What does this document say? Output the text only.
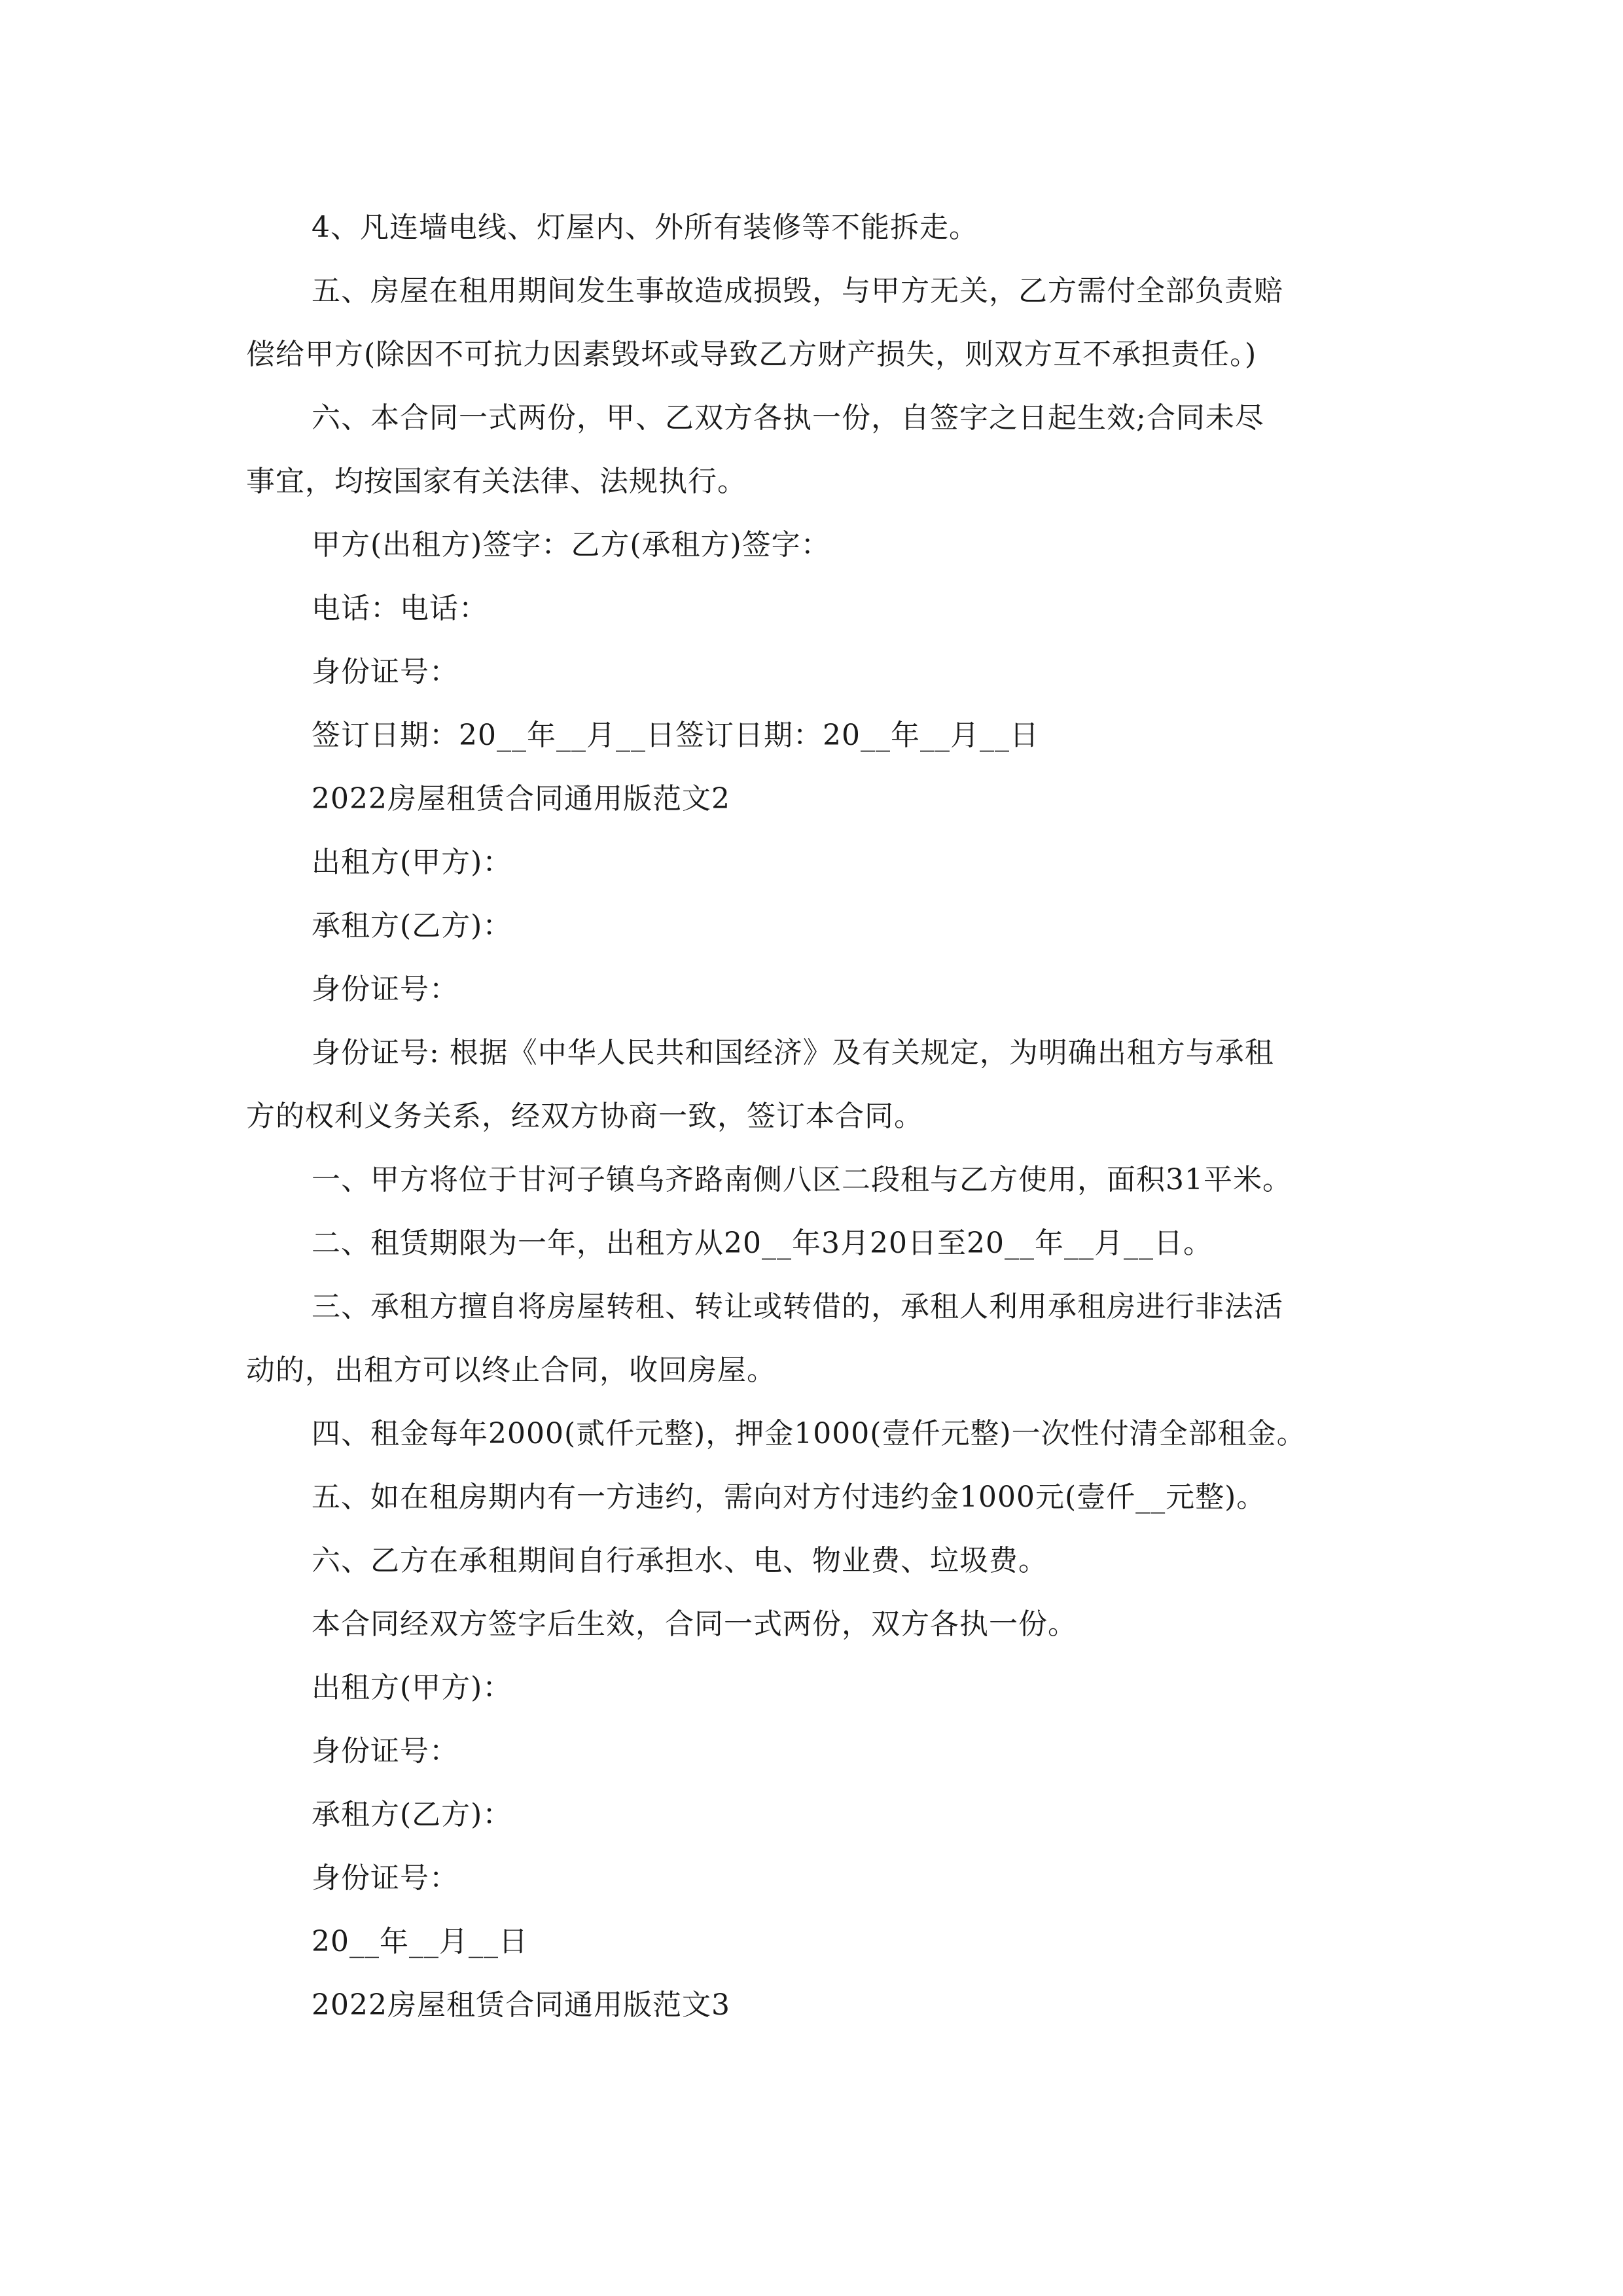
4、凡连墙电线、灯屋内、外所有装修等不能拆走。
五、房屋在租用期间发生事故造成损毁，与甲方无关，乙方需付全部负责赔
偿给甲方(除因不可抗力因素毁坏或导致乙方财产损失，则双方互不承担责任。)
六、本合同一式两份，甲、乙双方各执一份，自签字之日起生效;合同未尽
事宜，均按国家有关法律、法规执行。
甲方(出租方)签字：乙方(承租方)签字：
电话：电话：
身份证号：
签订日期：20__年__月__日签订日期：20__年__月__日
2022房屋租赁合同通用版范文2
出租方(甲方)：
承租方(乙方)：
身份证号：
身份证号: 根据《中华人民共和国经济》及有关规定，为明确出租方与承租
方的权利义务关系，经双方协商一致，签订本合同。
一、甲方将位于甘河子镇乌齐路南侧八区二段租与乙方使用，面积31平米。
二、租赁期限为一年，出租方从20__年3月20日至20__年__月__日。
三、承租方擅自将房屋转租、转让或转借的，承租人利用承租房进行非法活
动的，出租方可以终止合同，收回房屋。
四、租金每年2000(贰仟元整)，押金1000(壹仟元整)一次性付清全部租金。
五、如在租房期内有一方违约，需向对方付违约金1000元(壹仟__元整)。
六、乙方在承租期间自行承担水、电、物业费、垃圾费。
本合同经双方签字后生效，合同一式两份，双方各执一份。
出租方(甲方)：
身份证号：
承租方(乙方)：
身份证号：
20__年__月__日
2022房屋租赁合同通用版范文3
